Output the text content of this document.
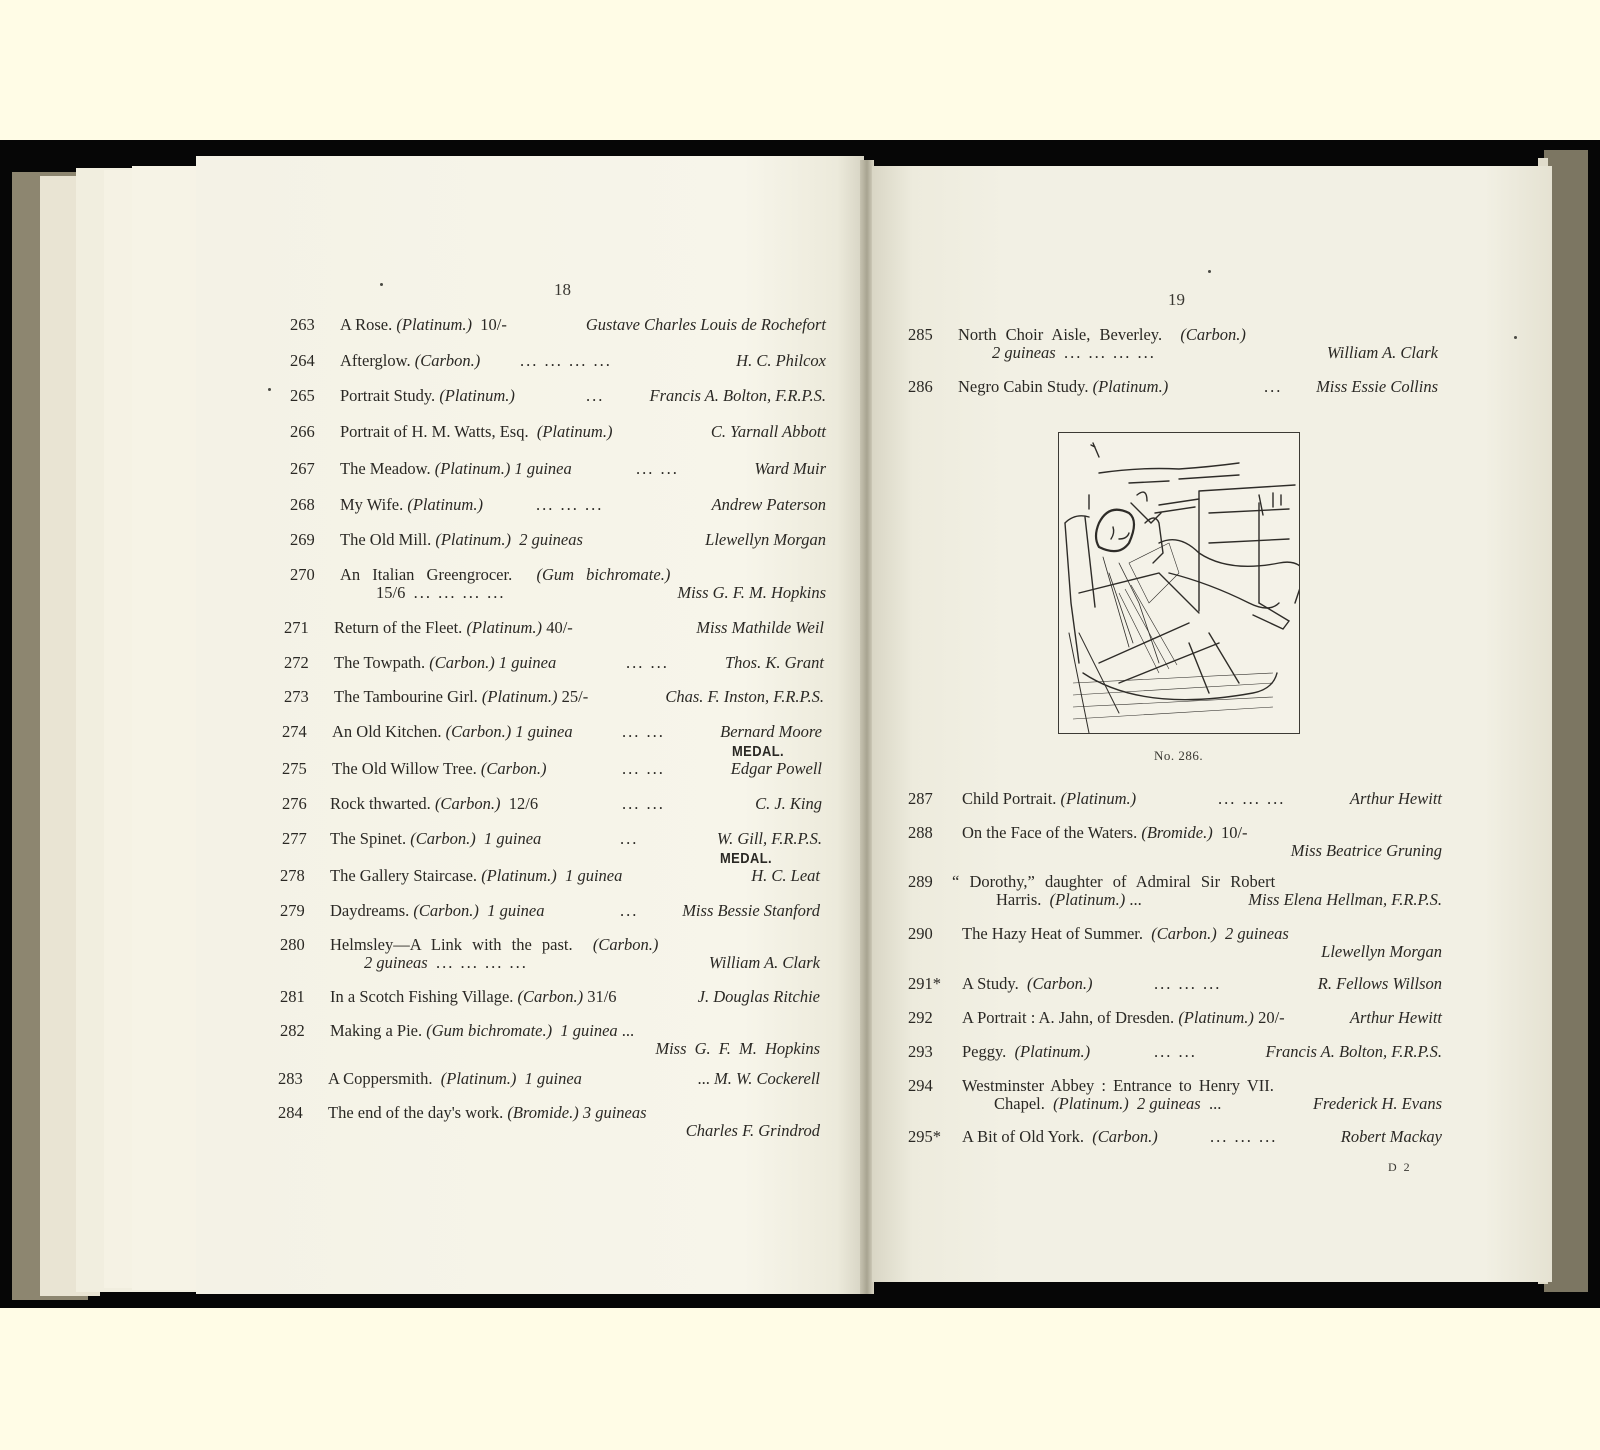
18
263 A Rose. (Platinum.) 10/-	Gustave Charles Louis de Rochefort
264 Afterglow. (Carbon.) ... ... ... ...	H. C. Philcox
265 Portrait Study. (Platinum.)	...	Francis A. Bolton, F.R.P.S.
266 Portrait of H. M. Watts, Esq. (Platinum.)	C. Yarnall Abbott
267 The Meadow. (Platinum.) 1 guinea	... ...	Ward Muir
268 My Wife. (Platinum.)	... ... ...	Andrew Paterson
269 The Old Mill. (Platinum.) 2 guineas	Llewellyn Morgan
270 An Italian Greengrocer. (Gum bichromate.)
15/6 ... ... ... ...	Miss G. F. M. Hopkins
271 Return of the Fleet. (Platinum.) 40/-	Miss Mathilde Weil
272 The Towpath. (Carbon.) 1 guinea	... ...	Thos. K. Grant
273 The Tambourine Girl. (Platinum.) 25/-	Chas. F. Inston, F.R.P.S.
274 An Old Kitchen. (Carbon.) 1 guinea	... ...	Bernard Moore
MEDAL.
275 The Old Willow Tree. (Carbon.)	... ...	Edgar Powell
276 Rock thwarted. (Carbon.) 12/6	... ...	C. J. King
277 The Spinet. (Carbon.) 1 guinea	...	W. Gill, F.R.P.S.
MEDAL.
278 The Gallery Staircase. (Platinum.) 1 guinea	H. C. Leat
279 Daydreams. (Carbon.) 1 guinea	...	Miss Bessie Stanford
280 Helmsley—A Link with the past. (Carbon.)
2 guineas ... ... ... ...	William A. Clark
281 In a Scotch Fishing Village. (Carbon.) 31/6	J. Douglas Ritchie
282 Making a Pie. (Gum bichromate.) 1 guinea ...
Miss G. F. M. Hopkins
283 A Coppersmith. (Platinum.) 1 guinea	... M. W. Cockerell
284 The end of the day's work. (Bromide.) 3 guineas
Charles F. Grindrod
19
285 North Choir Aisle, Beverley. (Carbon.)
2 guineas ... ... ... ...	William A. Clark
286 Negro Cabin Study. (Platinum.)	... Miss Essie Collins
287 Child Portrait. (Platinum.)	... ... ...	Arthur Hewitt
288 On the Face of the Waters. (Bromide.) 10/-
Miss Beatrice Gruning
289 “ Dorothy,” daughter of Admiral Sir Robert
Harris. (Platinum.) ...	Miss Elena Hellman, F.R.P.S.
290 The Hazy Heat of Summer. (Carbon.) 2 guineas
Llewellyn Morgan
291* A Study. (Carbon.)	... ... ...	R. Fellows Willson
292 A Portrait : A. Jahn, of Dresden. (Platinum.) 20/-	Arthur Hewitt
293 Peggy. (Platinum.)	... ...	Francis A. Bolton, F.R.P.S.
294 Westminster Abbey : Entrance to Henry VII.
Chapel. (Platinum.) 2 guineas ...	Frederick H. Evans
295* A Bit of Old York. (Carbon.)	... ... ...	Robert Mackay
No. 286.
D 2
